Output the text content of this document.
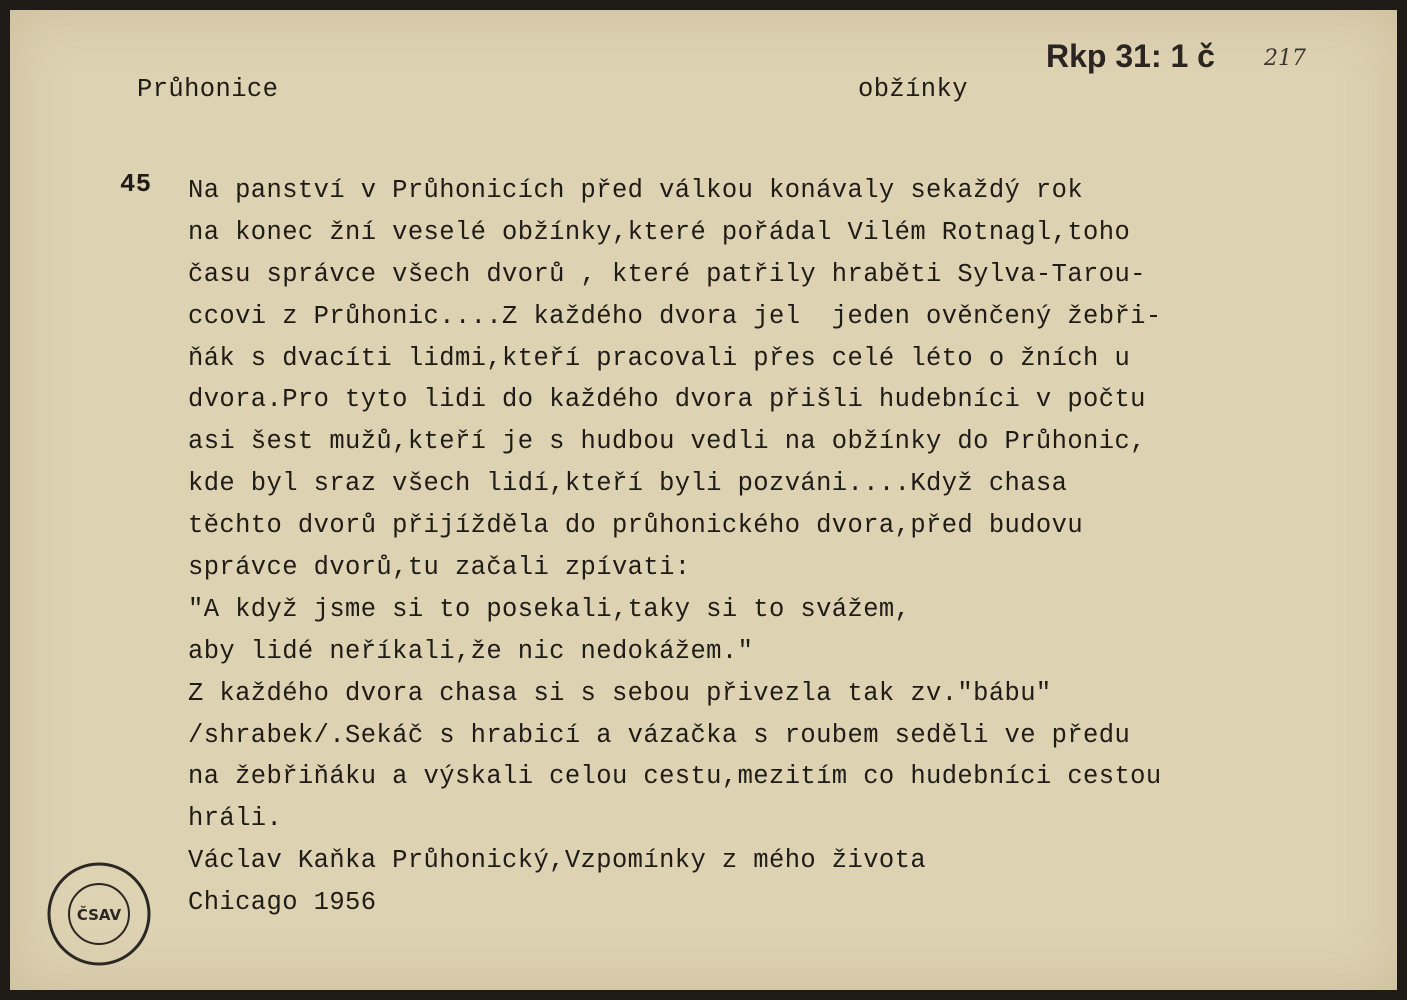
Průhonice	obžínky
Rkp 31: 1 č 217
45 Na panství v Průhonicích před válkou konávaly sekaždý rok
na konec žní veselé obžínky,které pořádal Vilém Rotnagl,toho
času správce všech dvorů , které patřily hraběti Sylva-Tarou-
ccovi z Průhonic....Z každého dvora jel  jeden ověnčený žebři-
ňák s dvacíti lidmi,kteří pracovali přes celé léto o žních u
dvora.Pro tyto lidi do každého dvora přišli hudebníci v počtu
asi šest mužů,kteří je s hudbou vedli na obžínky do Průhonic,
kde byl sraz všech lidí,kteří byli pozváni....Když chasa
těchto dvorů přijížděla do průhonického dvora,před budovu
správce dvorů,tu začali zpívati:
"A když jsme si to posekali,taky si to svážem,
aby lidé neříkali,že nic nedokážem."
Z každého dvora chasa si s sebou přivezla tak zv."bábu"
/shrabek/.Sekáč s hrabicí a vázačka s roubem seděli ve předu
na žebřiňáku a výskali celou cestu,mezitím co hudebníci cestou
hráli.
Václav Kaňka Průhonický,Vzpomínky z mého života
Chicago 1956
ČSAV
